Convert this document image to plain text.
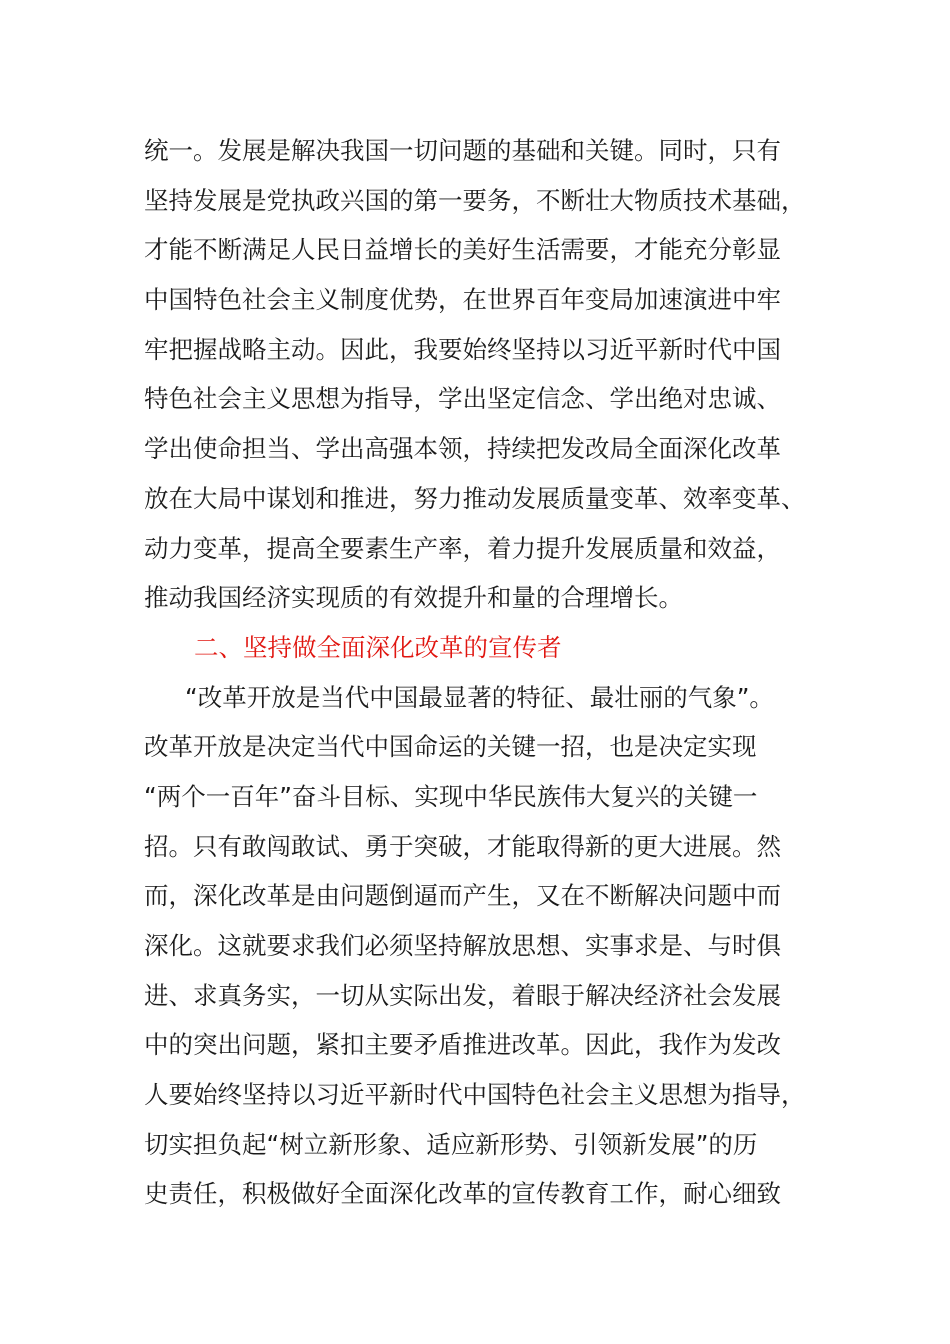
统一。发展是解决我国一切问题的基础和关键。同时，只有
坚持发展是党执政兴国的第一要务，不断壮大物质技术基础，
才能不断满足人民日益增长的美好生活需要，才能充分彰显
中国特色社会主义制度优势，在世界百年变局加速演进中牢
牢把握战略主动。因此，我要始终坚持以习近平新时代中国
特色社会主义思想为指导，学出坚定信念、学出绝对忠诚、
学出使命担当、学出高强本领，持续把发改局全面深化改革
放在大局中谋划和推进，努力推动发展质量变革、效率变革、
动力变革，提高全要素生产率，着力提升发展质量和效益，
推动我国经济实现质的有效提升和量的合理增长。
二、坚持做全面深化改革的宣传者
“改革开放是当代中国最显著的特征、最壮丽的气象”。
改革开放是决定当代中国命运的关键一招，也是决定实现
“两个一百年”奋斗目标、实现中华民族伟大复兴的关键一
招。只有敢闯敢试、勇于突破，才能取得新的更大进展。然
而，深化改革是由问题倒逼而产生，又在不断解决问题中而
深化。这就要求我们必须坚持解放思想、实事求是、与时俱
进、求真务实，一切从实际出发，着眼于解决经济社会发展
中的突出问题，紧扣主要矛盾推进改革。因此，我作为发改
人要始终坚持以习近平新时代中国特色社会主义思想为指导，
切实担负起“树立新形象、适应新形势、引领新发展”的历
史责任，积极做好全面深化改革的宣传教育工作，耐心细致
